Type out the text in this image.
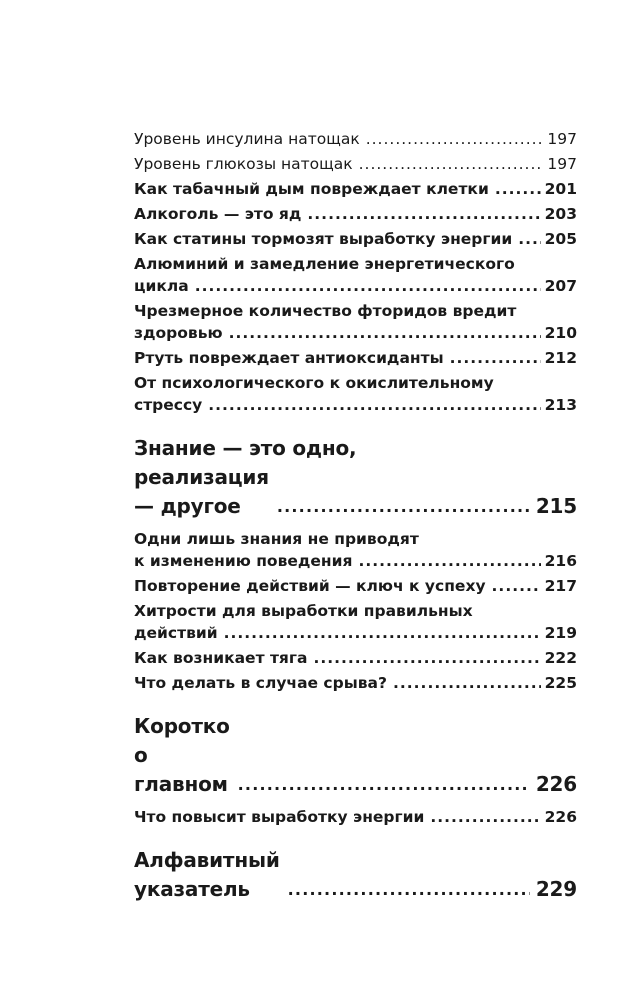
Уровень инсулина натощак .....	197
Уровень глюкозы натощак .....	197
Как табачный дым повреждает клетки .....	201
Алкоголь — это яд .....	203
Как статины тормозят выработку энергии ..... 205
Алюминий и замедление энергетического
цикла .....	207
Чрезмерное количество фторидов вредит
здоровью .....	210
Ртуть повреждает антиоксиданты .....	212
От психологического к окислительному
стрессу .....	213
Знание — это одно,
реализация — другое .....	215
Одни лишь знания не приводят
к изменению поведения .....	216
Повторение действий — ключ к успеху .....	217
Хитрости для выработки правильных
действий .....	219
Как возникает тяга .....	222
Что делать в случае срыва? .....	225
Коротко о главном .....	226
Что повысит выработку энергии .....	226
Алфавитный указатель .....	229
